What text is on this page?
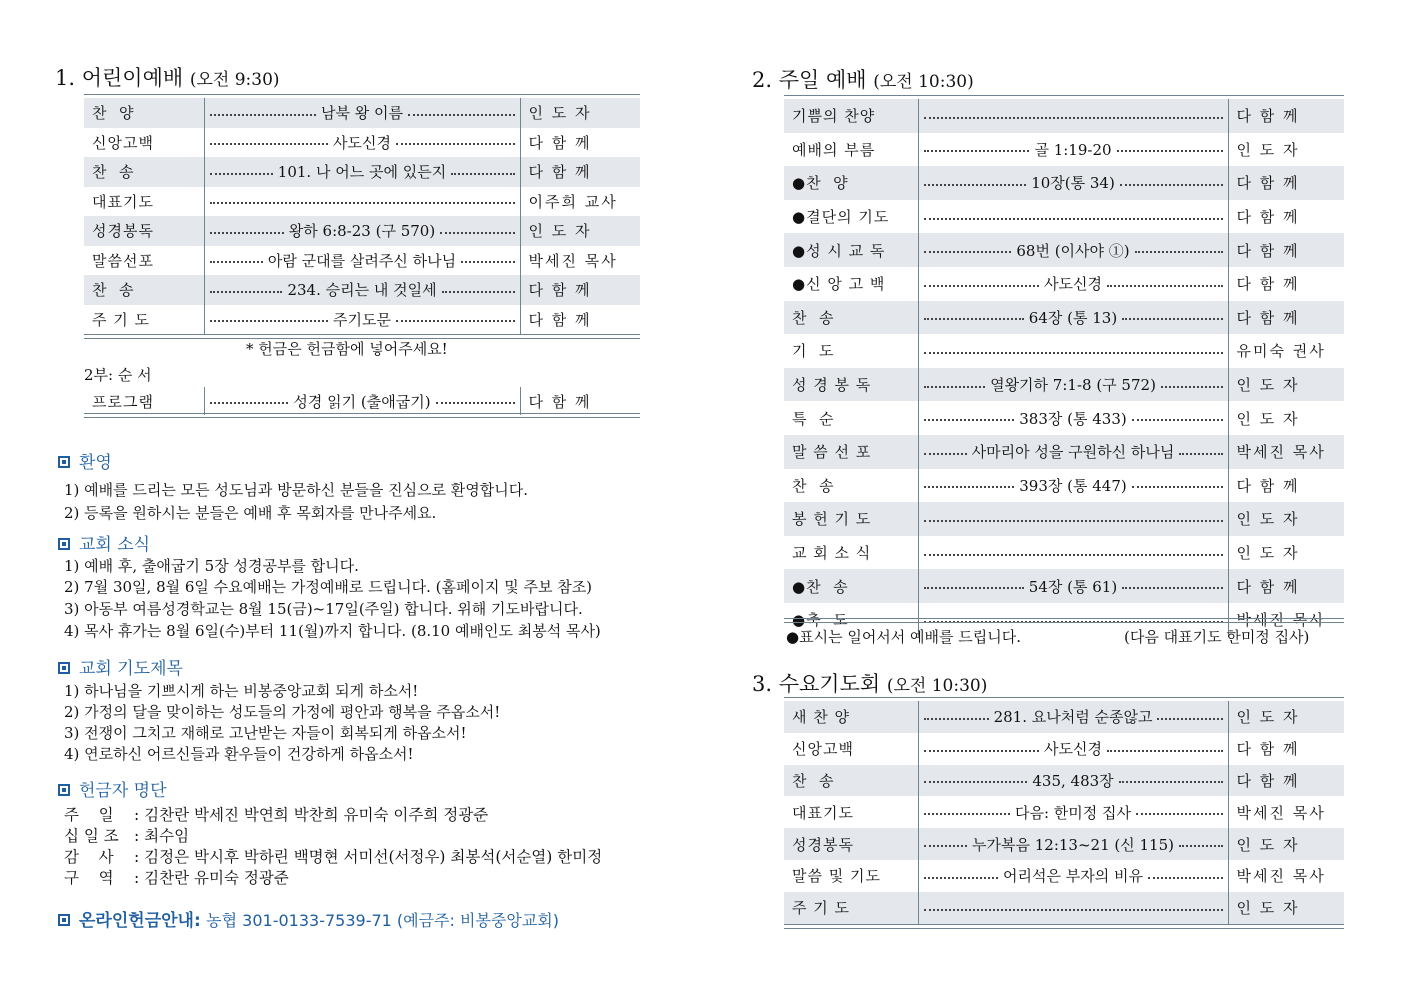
1. 어린이예배 (오전 9:30)
찬  양	남북 왕 이름	인 도 자
신앙고백	사도신경	다 함 께
찬  송	101. 나 어느 곳에 있든지	다 함 께
대표기도		이주희 교사
성경봉독	왕하 6:8-23 (구 570)	인 도 자
말씀선포	아람 군대를 살려주신 하나님	박세진 목사
찬  송	234. 승리는 내 것일세	다 함 께
주 기 도	주기도문	다 함 께
* 헌금은 헌금함에 넣어주세요!
2부: 순 서
프로그램	성경 읽기 (출애굽기)	다 함 께
환영
1) 예배를 드리는 모든 성도님과 방문하신 분들을 진심으로 환영합니다.
2) 등록을 원하시는 분들은 예배 후 목회자를 만나주세요.
교회 소식
1) 예배 후, 출애굽기 5장 성경공부를 합니다.
2) 7월 30일, 8월 6일 수요예배는 가정예배로 드립니다. (홈페이지 및 주보 참조)
3) 아동부 여름성경학교는 8월 15(금)~17일(주일) 합니다. 위해 기도바랍니다.
4) 목사 휴가는 8월 6일(수)부터 11(월)까지 합니다. (8.10 예배인도 최봉석 목사)
교회 기도제목
1) 하나님을 기쁘시게 하는 비봉중앙교회 되게 하소서!
2) 가정의 달을 맞이하는 성도들의 가정에 평안과 행복을 주옵소서!
3) 전쟁이 그치고 재해로 고난받는 자들이 회복되게 하옵소서!
4) 연로하신 어르신들과 환우들이 건강하게 하옵소서!
헌금자 명단
주    일 : 김찬란 박세진 박연희 박찬희 유미숙 이주희 정광준
십 일 조 : 최수임
감    사 : 김정은 박시후 박하린 백명현 서미선(서정우) 최봉석(서순열) 한미정
구    역 : 김찬란 유미숙 정광준
온라인헌금안내: 농협 301-0133-7539-71 (예금주: 비봉중앙교회)
2. 주일 예배 (오전 10:30)
기쁨의 찬양		다 함 께
예배의 부름	골 1:19-20	인 도 자
●찬  양	10장(통 34)	다 함 께
●결단의 기도		다 함 께
●성 시 교 독	68번 (이사야 ①)	다 함 께
●신 앙 고 백	사도신경	다 함 께
찬  송	64장 (통 13)	다 함 께
기  도		유미숙 권사
성 경 봉 독	열왕기하 7:1-8 (구 572)	인 도 자
특  순	383장 (통 433)	인 도 자
말 씀 선 포	사마리아 성을 구원하신 하나님	박세진 목사
찬  송	393장 (통 447)	다 함 께
봉 헌 기 도		인 도 자
교 회 소 식		인 도 자
●찬  송	54장 (통 61)	다 함 께
●축  도		박세진 목사
●표시는 일어서서 예배를 드립니다.	(다음 대표기도 한미정 집사)
3. 수요기도회 (오전 10:30)
새 찬 양	281. 요나처럼 순종않고	인 도 자
신앙고백	사도신경	다 함 께
찬  송	435, 483장	다 함 께
대표기도	다음: 한미정 집사	박세진 목사
성경봉독	누가복음 12:13~21 (신 115)	인 도 자
말씀 및 기도	어리석은 부자의 비유	박세진 목사
주 기 도		인 도 자
